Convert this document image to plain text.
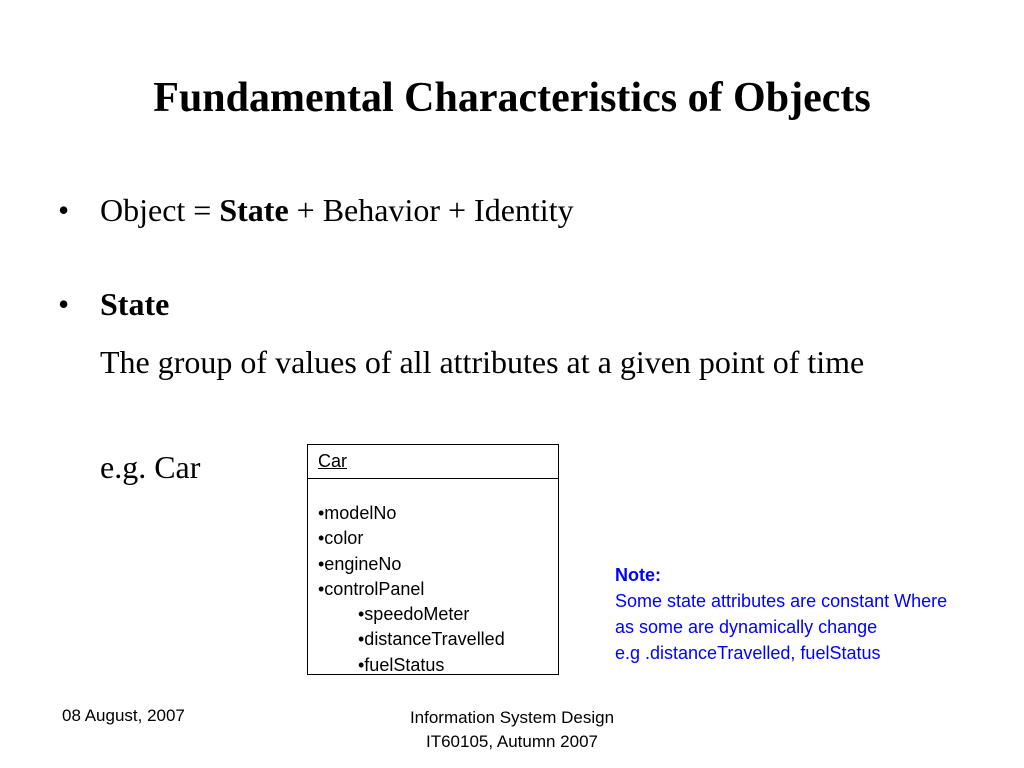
Fundamental Characteristics of Objects
• Object = State + Behavior + Identity
• State
The group of values of all attributes at a given point of time
e.g. Car	Car
•modelNo
•color
•engineNo
•controlPanel
•speedoMeter
•distanceTravelled
•fuelStatus
Note:
Some state attributes are constant Where
as some are dynamically change
e.g .distanceTravelled, fuelStatus
08 August, 2007	Information System Design
IT60105, Autumn 2007
